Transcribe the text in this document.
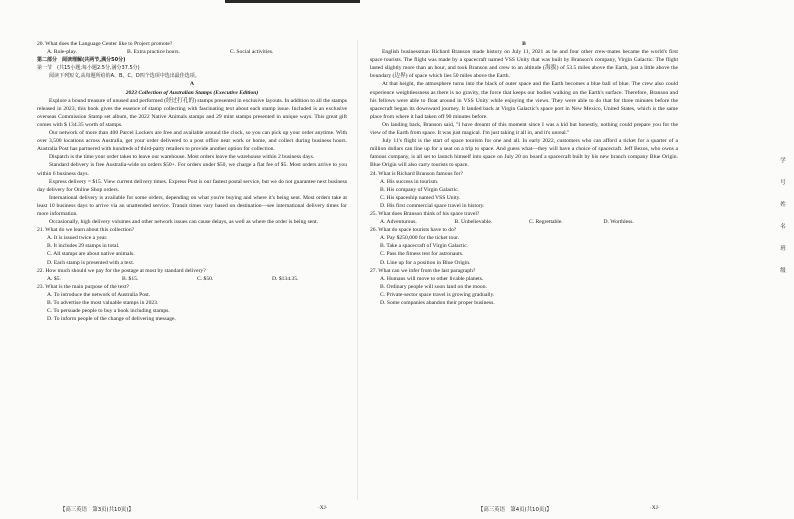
20. What does the Language Center like to Project promote?
A. Role-play.	B. Extra practice hours.	C. Social activities.
第二部分　阅读理解(共两节,满分50分)
第一节　(共15小题;每小题2.5分,满分37.5分)
阅读下列短文,从每题所给的A、B、C、D四个选项中选出最佳选项。
A
2023 Collection of Australian Stamps (Executive Edition)

Explore a bound treasure of unused and performed (经过打孔的) stamps presented in exclusive layouts. In addition to all the stamps released in 2023, this book gives the essence of stamp collecting with fascinating text about each stamp issue. Included is an exclusive overseas Commission Stamp set album, the 2022 Native Animals stamps and 29 mint stamps presented in unique ways. This great gift comes with $ 134.35 worth of stamps.

Our network of more than 400 Parcel Lockers are free and available around the clock, so you can pick up your order anytime. With over 3,500 locations across Australia, get your order delivered to a post office near work or home, and collect during business hours. Australia Post has partnered with hundreds of third-party retailers to provide another option for collection.

Dispatch is the time your order takes to leave our warehouse. Most orders leave the warehouse within 2 business days.

Standard delivery is free Australia-wide on orders $50+. For orders under $50, we charge a flat fee of $5. Most orders arrive to you within 6 business days.

Express delivery = $15. View current delivery times. Express Post is our fastest postal service, but we do not guarantee next business day delivery for Online Shop orders.

International delivery is available for some orders, depending on what you're buying and where it's being sent. Most orders take at least 10 business days to arrive via an unattended service. Transit times vary based on destination—see international delivery times for more information.

Occasionally, high delivery volumes and other network issues can cause delays, as well as where the order is being sent.

21. What do we learn about this collection?
A. It is issued twice a year.
B. It includes 29 stamps in total.
C. All stamps are about native animals.
D. Each stamp is presented with a text.
22. How much should we pay for the postage at most by standard delivery?
A. $5.	B. $15.	C. $50.	D. $134.35.
23. What is the main purpose of the text?
A. To introduce the network of Australia Post.
B. To advertise the most valuable stamps in 2023.
C. To persuade people to buy a book including stamps.
D. To inform people of the change of delivering message.
【高三英语　第3页(共10页)】	·XJ·
B

English businessman Richard Branson made history on July 11, 2021 as he and four other crew-mates became the world's first space tourists. The flight was made by a spacecraft named VSS Unity that was built by Branson's company, Virgin Galactic. The flight lasted slightly more than an hour, and took Branson and crew to an altitude (海拔) of 53.5 miles above the Earth, just a little above the boundary (边界) of space which lies 50 miles above the Earth.

At that height, the atmosphere turns into the black of outer space and the Earth becomes a blue ball of blue. The crew also could experience weightlessness as there is no gravity, the force that keeps our bodies walking on the Earth's surface. Therefore, Branson and his fellows were able to float around in VSS Unity while enjoying the views. They were able to do that for three minutes before the spacecraft began its downward journey. It landed back at Virgin Galactic's space port in New Mexico, United States, which is the same place from where it had taken off 90 minutes before.

On landing back, Branson said, "I have dreamt of this moment since I was a kid but honestly, nothing could prepare you for the view of the Earth from space. It was just magical. I'm just taking it all in, and it's unreal."

July 11's flight is the start of space tourism for one and all. In early 2022, customers who can afford a ticket for a quarter of a million dollars can line up for a seat on a trip to space. And guess what—they will have a choice of spacecraft. Jeff Bezos, who owns a famous company, is all set to launch himself into space on July 20 on board a spacecraft built by his new branch company Blue Origin. Blue Origin will also carry tourists to space.

24. What is Richard Branson famous for?
A. His success in tourism.
B. His company of Virgin Galactic.
C. His spaceship named VSS Unity.
D. His first commercial space travel in history.
25. What does Branson think of his space travel?
A. Adventurous.	B. Unbelievable.	C. Regrettable.	D. Worthless.
26. What do space tourists have to do?
A. Pay $250,000 for the ticket tour.
B. Take a spacecraft of Virgin Galactic.
C. Pass the fitness test for astronauts.
D. Line up for a position in Blue Origin.
27. What can we infer from the last paragraph?
A. Humans will move to other livable planets.
B. Ordinary people will soon land on the moon.
C. Private-sector space travel is growing gradually.
D. Some companies abandon their proper business.
【高三英语　第4页(共10页)】	·XJ·
学
号
姓
名
班
级
